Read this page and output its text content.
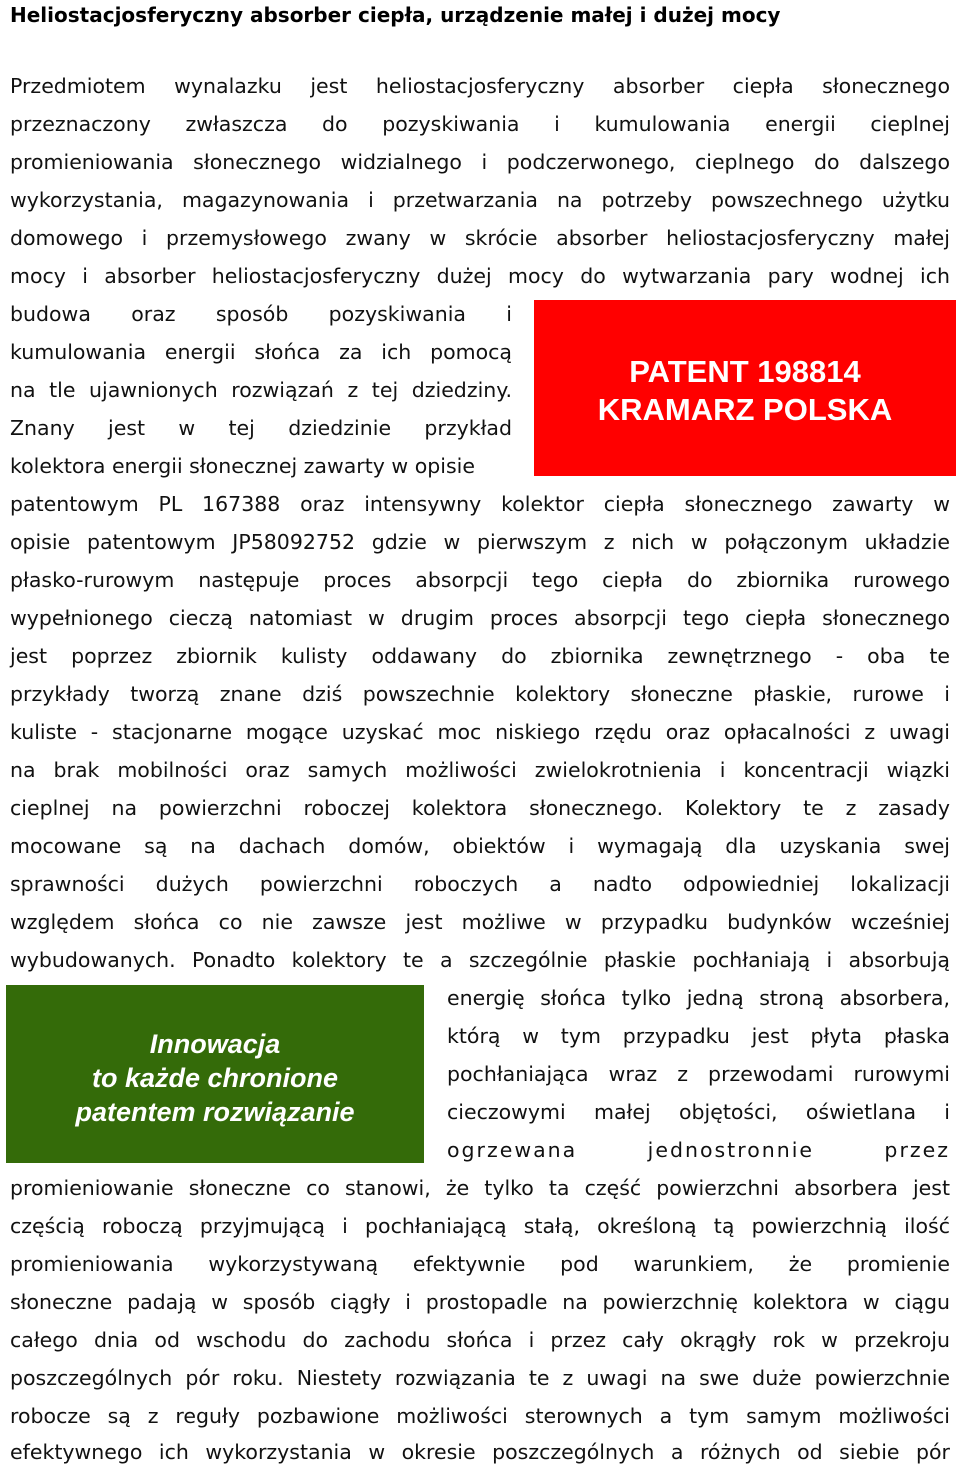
Heliostacjosferyczny absorber ciepła, urządzenie małej i dużej mocy
Przedmiotem wynalazku jest heliostacjosferyczny absorber ciepła słonecznego
przeznaczony zwłaszcza do pozyskiwania i kumulowania energii cieplnej
promieniowania słonecznego widzialnego i podczerwonego, cieplnego do dalszego
wykorzystania, magazynowania i przetwarzania na potrzeby powszechnego użytku
domowego i przemysłowego zwany w skrócie absorber heliostacjosferyczny małej
mocy i absorber heliostacjosferyczny dużej mocy do wytwarzania pary wodnej ich
budowa oraz sposób pozyskiwania i
kumulowania energii słońca za ich pomocą
na tle ujawnionych rozwiązań z tej dziedziny.
Znany jest w tej dziedzinie przykład
kolektora energii słonecznej zawarty w opisie
PATENT 198814
KRAMARZ POLSKA
patentowym PL 167388 oraz intensywny kolektor ciepła słonecznego zawarty w
opisie patentowym JP58092752 gdzie w pierwszym z nich w połączonym układzie
płasko-rurowym następuje proces absorpcji tego ciepła do zbiornika rurowego
wypełnionego cieczą natomiast w drugim proces absorpcji tego ciepła słonecznego
jest poprzez zbiornik kulisty oddawany do zbiornika zewnętrznego - oba te
przykłady tworzą znane dziś powszechnie kolektory słoneczne płaskie, rurowe i
kuliste - stacjonarne mogące uzyskać moc niskiego rzędu oraz opłacalności z uwagi
na brak mobilności oraz samych możliwości zwielokrotnienia i koncentracji wiązki
cieplnej na powierzchni roboczej kolektora słonecznego. Kolektory te z zasady
mocowane są na dachach domów, obiektów i wymagają dla uzyskania swej
sprawności dużych powierzchni roboczych a nadto odpowiedniej lokalizacji
względem słońca co nie zawsze jest możliwe w przypadku budynków wcześniej
wybudowanych. Ponadto kolektory te a szczególnie płaskie pochłaniają i absorbują
energię słońca tylko jedną stroną absorbera,
którą w tym przypadku jest płyta płaska
pochłaniająca wraz z przewodami rurowymi
cieczowymi małej objętości, oświetlana i
ogrzewana jednostronnie przez
Innowacja
to każde chronione
patentem rozwiązanie
promieniowanie słoneczne co stanowi, że tylko ta część powierzchni absorbera jest
częścią roboczą przyjmującą i pochłaniającą stałą, określoną tą powierzchnią ilość
promieniowania wykorzystywaną efektywnie pod warunkiem, że promienie
słoneczne padają w sposób ciągły i prostopadle na powierzchnię kolektora w ciągu
całego dnia od wschodu do zachodu słońca i przez cały okrągły rok w przekroju
poszczególnych pór roku. Niestety rozwiązania te z uwagi na swe duże powierzchnie
robocze są z reguły pozbawione możliwości sterownych a tym samym możliwości
efektywnego ich wykorzystania w okresie poszczególnych a różnych od siebie pór
